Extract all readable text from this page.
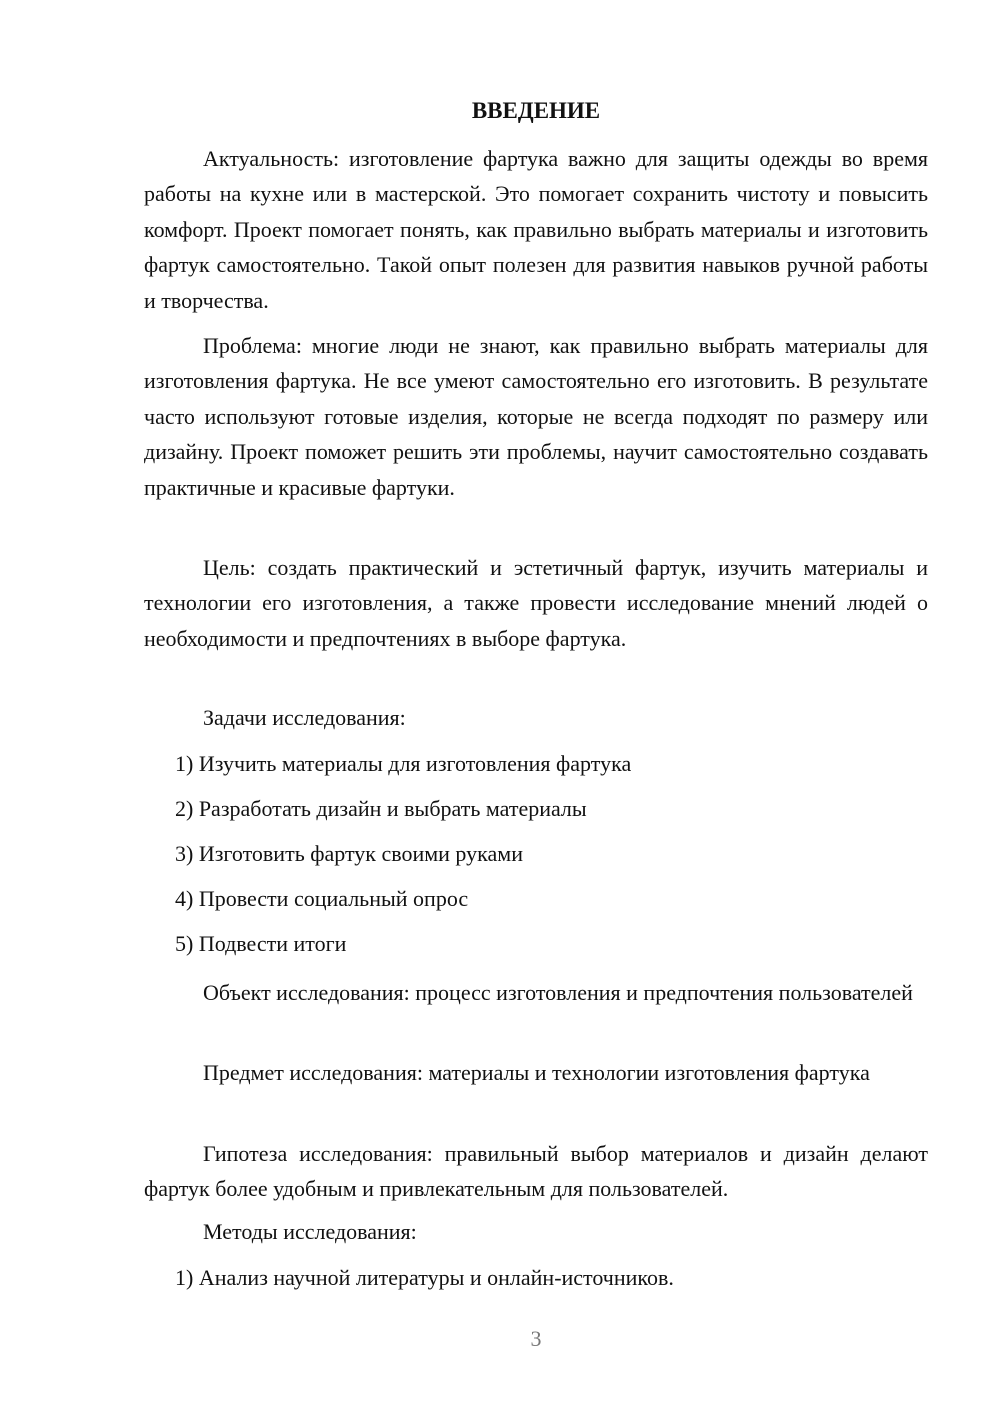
ВВЕДЕНИЕ
Актуальность: изготовление фартука важно для защиты одежды во время работы на кухне или в мастерской. Это помогает сохранить чистоту и повысить комфорт. Проект помогает понять, как правильно выбрать материалы и изготовить фартук самостоятельно. Такой опыт полезен для развития навыков ручной работы и творчества.
Проблема: многие люди не знают, как правильно выбрать материалы для изготовления фартука. Не все умеют самостоятельно его изготовить. В результате часто используют готовые изделия, которые не всегда подходят по размеру или дизайну. Проект поможет решить эти проблемы, научит самостоятельно создавать практичные и красивые фартуки.
Цель: создать практический и эстетичный фартук, изучить материалы и технологии его изготовления, а также провести исследование мнений людей о необходимости и предпочтениях в выборе фартука.
Задачи исследования:
1) Изучить материалы для изготовления фартука
2) Разработать дизайн и выбрать материалы
3) Изготовить фартук своими руками
4) Провести социальный опрос
5) Подвести итоги
Объект исследования: процесс изготовления и предпочтения пользователей
Предмет исследования: материалы и технологии изготовления фартука
Гипотеза исследования: правильный выбор материалов и дизайн делают фартук более удобным и привлекательным для пользователей.
Методы исследования:
1) Анализ научной литературы и онлайн-источников.
3
